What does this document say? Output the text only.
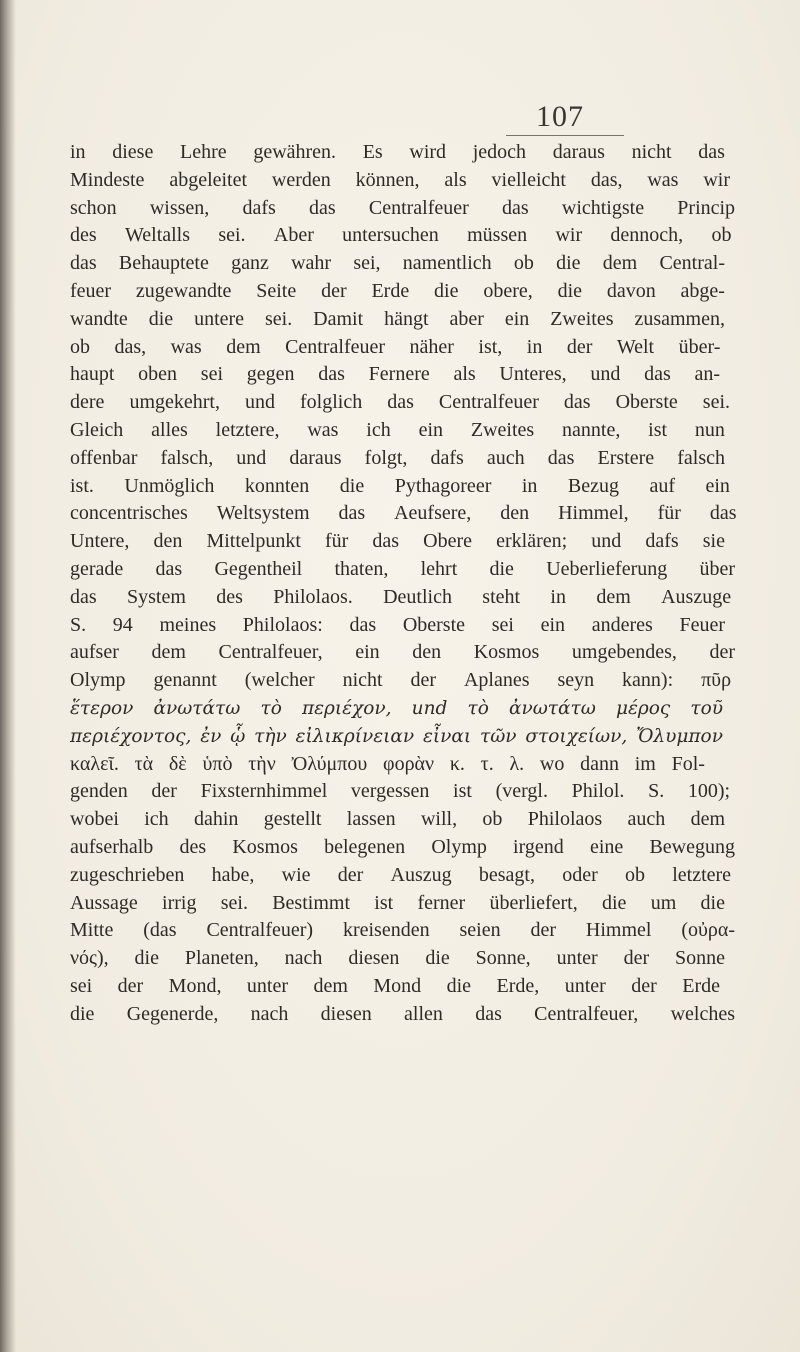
107
in diese Lehre gewähren. Es wird jedoch daraus nicht das
Mindeste abgeleitet werden können, als vielleicht das, was wir
schon wissen, dafs das Centralfeuer das wichtigste Princip
des Weltalls sei. Aber untersuchen müssen wir dennoch, ob
das Behauptete ganz wahr sei, namentlich ob die dem Central-
feuer zugewandte Seite der Erde die obere, die davon abge-
wandte die untere sei. Damit hängt aber ein Zweites zusammen,
ob das, was dem Centralfeuer näher ist, in der Welt über-
haupt oben sei gegen das Fernere als Unteres, und das an-
dere umgekehrt, und folglich das Centralfeuer das Oberste sei.
Gleich alles letztere, was ich ein Zweites nannte, ist nun
offenbar falsch, und daraus folgt, dafs auch das Erstere falsch
ist. Unmöglich konnten die Pythagoreer in Bezug auf ein
concentrisches Weltsystem das Aeufsere, den Himmel, für das
Untere, den Mittelpunkt für das Obere erklären; und dafs sie
gerade das Gegentheil thaten, lehrt die Ueberlieferung über
das System des Philolaos. Deutlich steht in dem Auszuge
S. 94 meines Philolaos: das Oberste sei ein anderes Feuer
aufser dem Centralfeuer, ein den Kosmos umgebendes, der
Olymp genannt (welcher nicht der Aplanes seyn kann): πῦρ
ἕτερον ἀνωτάτω τὸ περιέχον, und τὸ ἀνωτάτω μέρος τοῦ
περιέχοντος, ἐν ᾧ τὴν εἰλικρίνειαν εἶναι τῶν στοιχείων, Ὄλυμπον
καλεῖ. τὰ δὲ ὑπὸ τὴν Ὀλύμπου φορὰν κ. τ. λ. wo dann im Fol-
genden der Fixsternhimmel vergessen ist (vergl. Philol. S. 100);
wobei ich dahin gestellt lassen will, ob Philolaos auch dem
aufserhalb des Kosmos belegenen Olymp irgend eine Bewegung
zugeschrieben habe, wie der Auszug besagt, oder ob letztere
Aussage irrig sei. Bestimmt ist ferner überliefert, die um die
Mitte (das Centralfeuer) kreisenden seien der Himmel (οὐρα-
νός), die Planeten, nach diesen die Sonne, unter der Sonne
sei der Mond, unter dem Mond die Erde, unter der Erde
die Gegenerde, nach diesen allen das Centralfeuer, welches
